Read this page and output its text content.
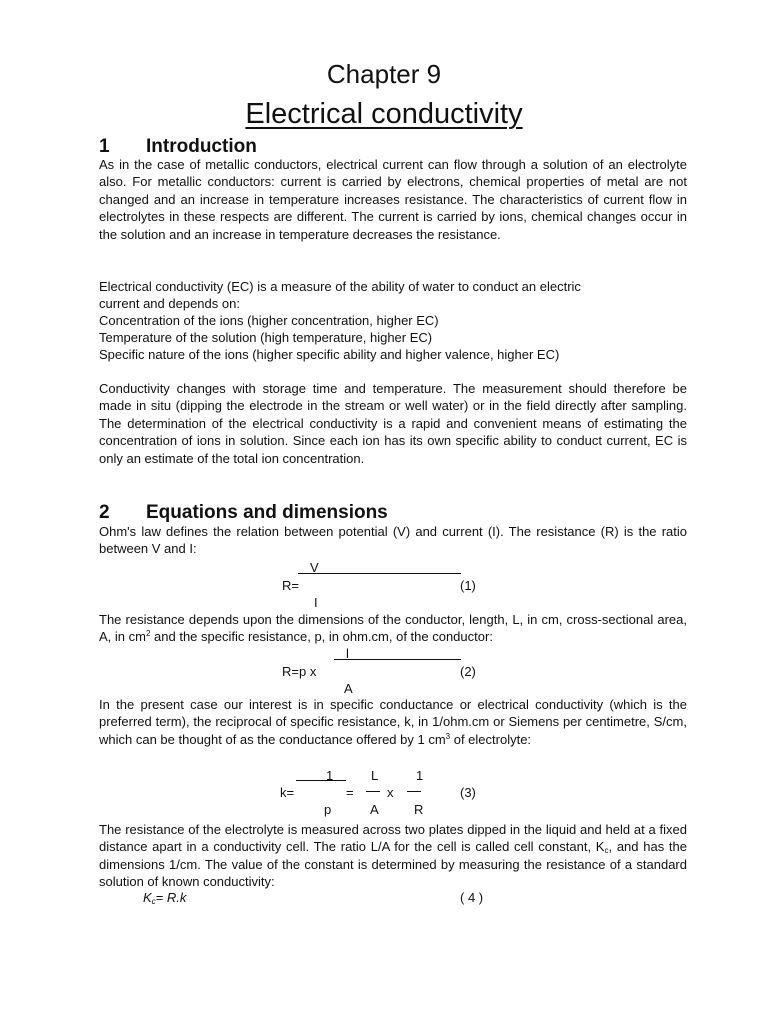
Chapter 9
Electrical conductivity
1 Introduction
As in the case of metallic conductors, electrical current can flow through a solution of an electrolyte also. For metallic conductors: current is carried by electrons, chemical properties of metal are not changed and an increase in temperature increases resistance. The characteristics of current flow in electrolytes in these respects are different. The current is carried by ions, chemical changes occur in the solution and an increase in temperature decreases the resistance.
Electrical conductivity (EC) is a measure of the ability of water to conduct an electric
current and depends on:
Concentration of the ions (higher concentration, higher EC)
Temperature of the solution (high temperature, higher EC)
Specific nature of the ions (higher specific ability and higher valence, higher EC)
Conductivity changes with storage time and temperature. The measurement should therefore be made in situ (dipping the electrode in the stream or well water) or in the field directly after sampling. The determination of the electrical conductivity is a rapid and convenient means of estimating the concentration of ions in solution. Since each ion has its own specific ability to conduct current, EC is only an estimate of the total ion concentration.
2 Equations and dimensions
Ohm's law defines the relation between potential (V) and current (I). The resistance (R) is the ratio between V and I:
V
R=	(1)
I
The resistance depends upon the dimensions of the conductor, length, L, in cm, cross-sectional area, A, in $cm^2$ and the specific resistance, p, in ohm.cm, of the conductor:
l
R=p x	(2)
A
In the present case our interest is in specific conductance or electrical conductivity (which is the preferred term), the reciprocal of specific resistance, k, in 1/ohm.cm or Siemens per centimetre, S/cm, which can be thought of as the conductance offered by 1 $cm^3$ of electrolyte:
1	L	1
k=	=	x	(3)
p	A	R
The resistance of the electrolyte is measured across two plates dipped in the liquid and held at a fixed distance apart in a conductivity cell. The ratio L/A for the cell is called cell constant, $K_c$, and has the dimensions 1/cm. The value of the constant is determined by measuring the resistance of a standard solution of known conductivity:
$K_c= R.k$	( 4 )
